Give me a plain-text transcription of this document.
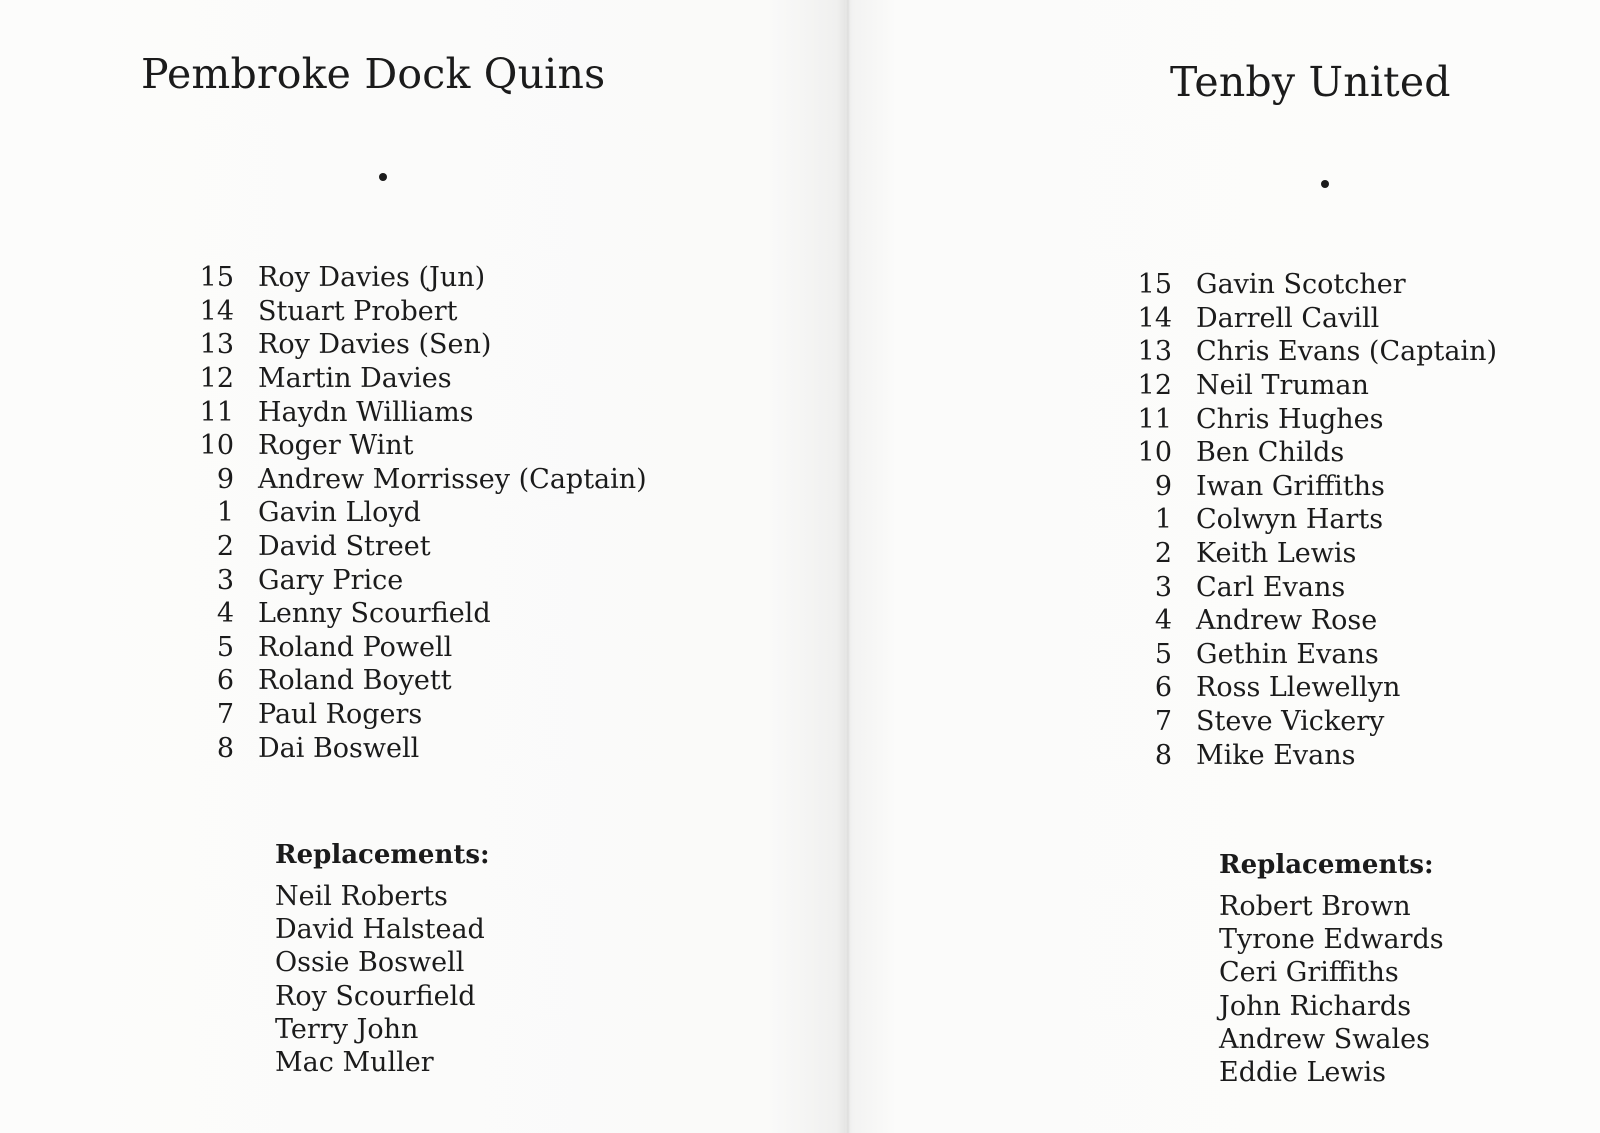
Pembroke Dock Quins
15 Roy Davies (Jun)
14 Stuart Probert
13 Roy Davies (Sen)
12 Martin Davies
11 Haydn Williams
10 Roger Wint
9 Andrew Morrissey (Captain)
1 Gavin Lloyd
2 David Street
3 Gary Price
4 Lenny Scourfield
5 Roland Powell
6 Roland Boyett
7 Paul Rogers
8 Dai Boswell
Replacements:
Neil Roberts
David Halstead
Ossie Boswell
Roy Scourfield
Terry John
Mac Muller
Tenby United
15 Gavin Scotcher
14 Darrell Cavill
13 Chris Evans (Captain)
12 Neil Truman
11 Chris Hughes
10 Ben Childs
9 Iwan Griffiths
1 Colwyn Harts
2 Keith Lewis
3 Carl Evans
4 Andrew Rose
5 Gethin Evans
6 Ross Llewellyn
7 Steve Vickery
8 Mike Evans
Replacements:
Robert Brown
Tyrone Edwards
Ceri Griffiths
John Richards
Andrew Swales
Eddie Lewis
